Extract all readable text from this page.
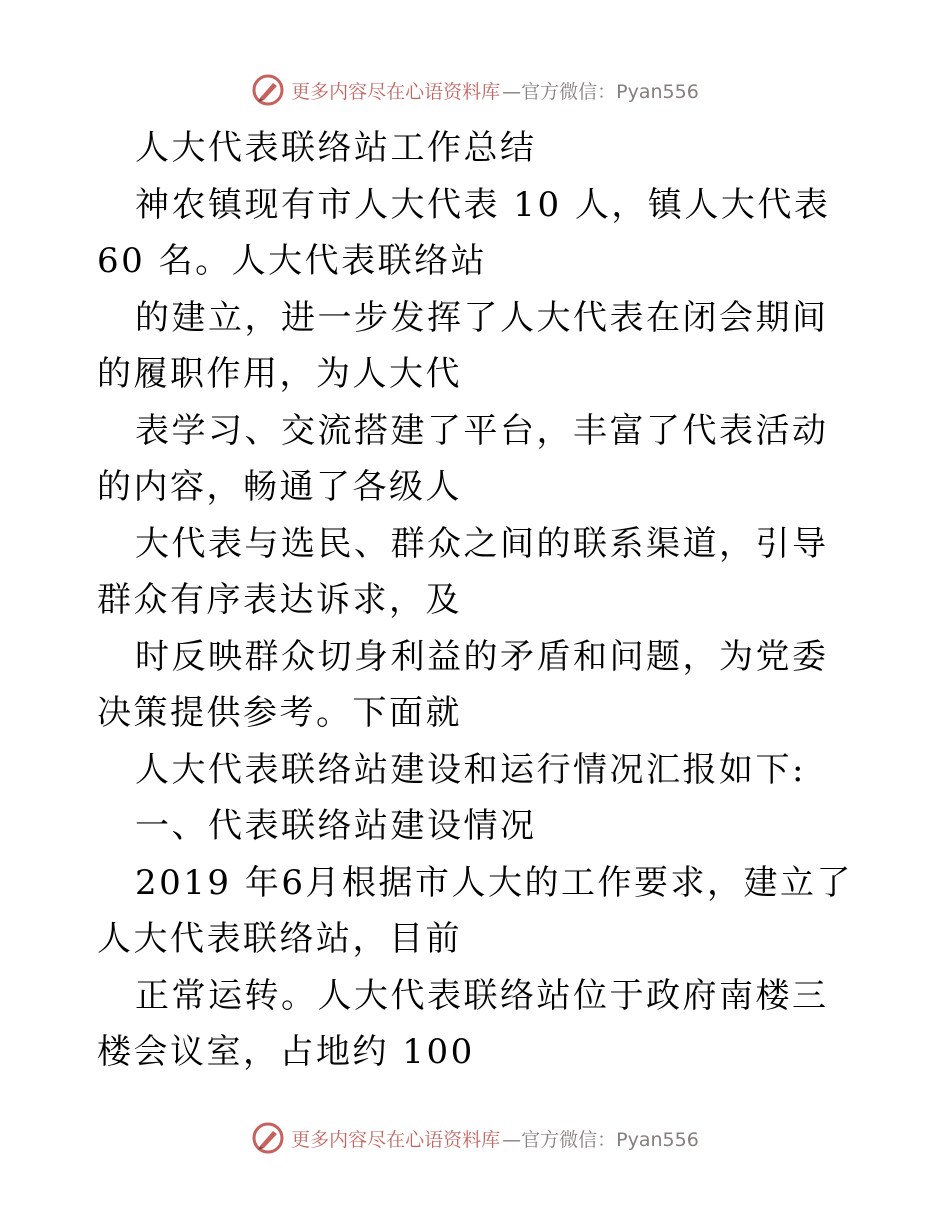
更多内容尽在心语资料库 —官方微信：Pyan556

人大代表联络站工作总结

神农镇现有市人大代表 10 人，镇人大代表 60 名。人大代表联络站

的建立，进一步发挥了人大代表在闭会期间的履职作用，为人大代

表学习、交流搭建了平台，丰富了代表活动的内容，畅通了各级人

大代表与选民、群众之间的联系渠道，引导群众有序表达诉求，及

时反映群众切身利益的矛盾和问题，为党委决策提供参考。下面就

人大代表联络站建设和运行情况汇报如下:

一、代表联络站建设情况

2019 年6月根据市人大的工作要求，建立了人大代表联络站，目前

正常运转。人大代表联络站位于政府南楼三楼会议室，占地约 100

更多内容尽在心语资料库 —官方微信：Pyan556
